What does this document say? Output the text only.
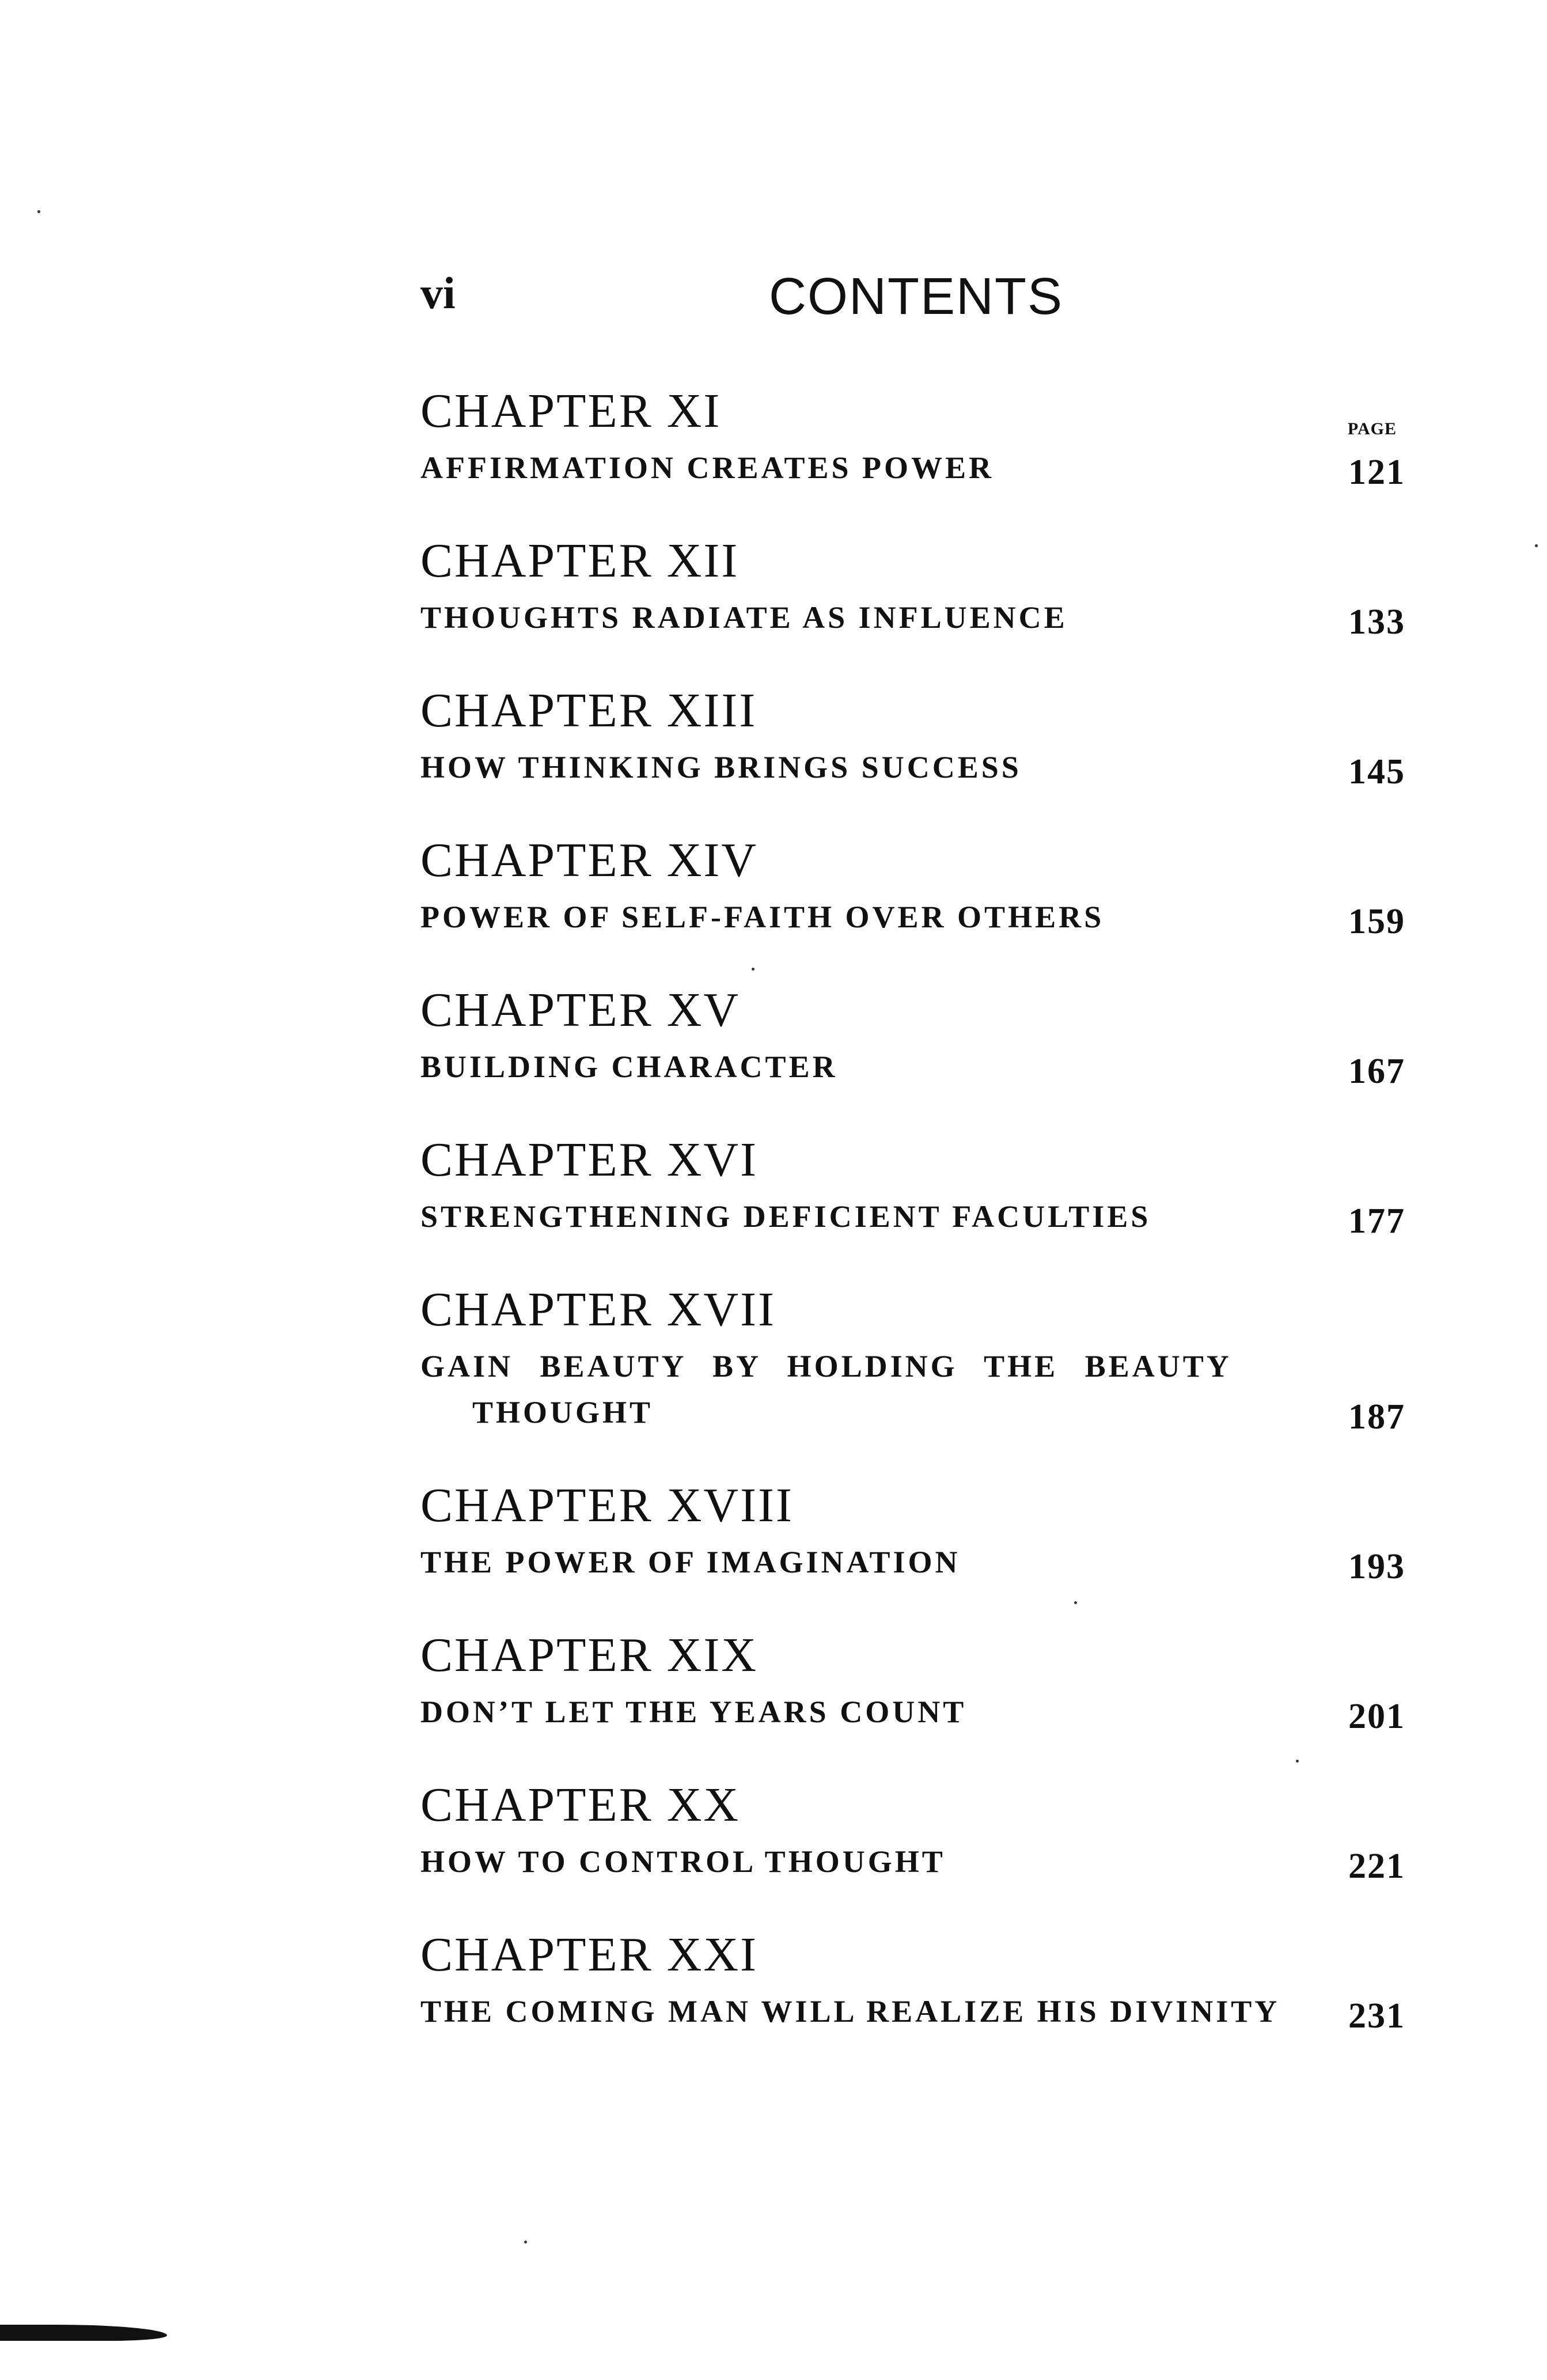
vi	CONTENTS
PAGE
CHAPTER XI
AFFIRMATION CREATES POWER	121
CHAPTER XII
THOUGHTS RADIATE AS INFLUENCE	133
CHAPTER XIII
HOW THINKING BRINGS SUCCESS	145
CHAPTER XIV
POWER OF SELF-FAITH OVER OTHERS	159
CHAPTER XV
BUILDING CHARACTER	167
CHAPTER XVI
STRENGTHENING DEFICIENT FACULTIES	177
CHAPTER XVII
GAIN BEAUTY BY HOLDING THE BEAUTY
THOUGHT	187
CHAPTER XVIII
THE POWER OF IMAGINATION	193
CHAPTER XIX
DON’T LET THE YEARS COUNT	201
CHAPTER XX
HOW TO CONTROL THOUGHT	221
CHAPTER XXI
THE COMING MAN WILL REALIZE HIS DIVINITY 231
